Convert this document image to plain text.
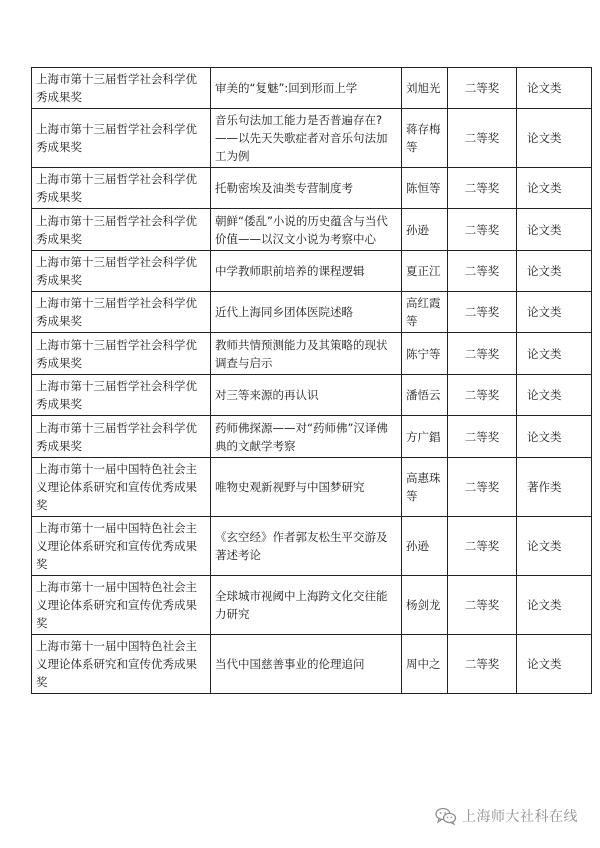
上海市第十三届哲学社会科学优秀成果奖	审美的“复魅”:回到形而上学	刘旭光	二等奖	论文类
上海市第十三届哲学社会科学优秀成果奖	音乐句法加工能力是否普遍存在?——以先天失歌症者对音乐句法加工为例	蒋存梅等	二等奖	论文类
上海市第十三届哲学社会科学优秀成果奖	托勒密埃及油类专营制度考	陈恒等	二等奖	论文类
上海市第十三届哲学社会科学优秀成果奖	朝鲜“倭乱”小说的历史蕴含与当代价值——以汉文小说为考察中心	孙逊	二等奖	论文类
上海市第十三届哲学社会科学优秀成果奖	中学教师职前培养的课程逻辑	夏正江	二等奖	论文类
上海市第十三届哲学社会科学优秀成果奖	近代上海同乡团体医院述略	高红霞等	二等奖	论文类
上海市第十三届哲学社会科学优秀成果奖	教师共情预测能力及其策略的现状调查与启示	陈宁等	二等奖	论文类
上海市第十三届哲学社会科学优秀成果奖	对三等来源的再认识	潘悟云	二等奖	论文类
上海市第十三届哲学社会科学优秀成果奖	药师佛探源——对“药师佛”汉译佛典的文献学考察	方广錩	二等奖	论文类
上海市第十一届中国特色社会主义理论体系研究和宣传优秀成果奖	唯物史观新视野与中国梦研究	高惠珠等	二等奖	著作类
上海市第十一届中国特色社会主义理论体系研究和宣传优秀成果奖	《玄空经》作者郭友松生平交游及著述考论	孙逊	二等奖	论文类
上海市第十一届中国特色社会主义理论体系研究和宣传优秀成果奖	全球城市视阈中上海跨文化交往能力研究	杨剑龙	二等奖	论文类
上海市第十一届中国特色社会主义理论体系研究和宣传优秀成果奖	当代中国慈善事业的伦理追问	周中之	二等奖	论文类
上海师大社科在线
